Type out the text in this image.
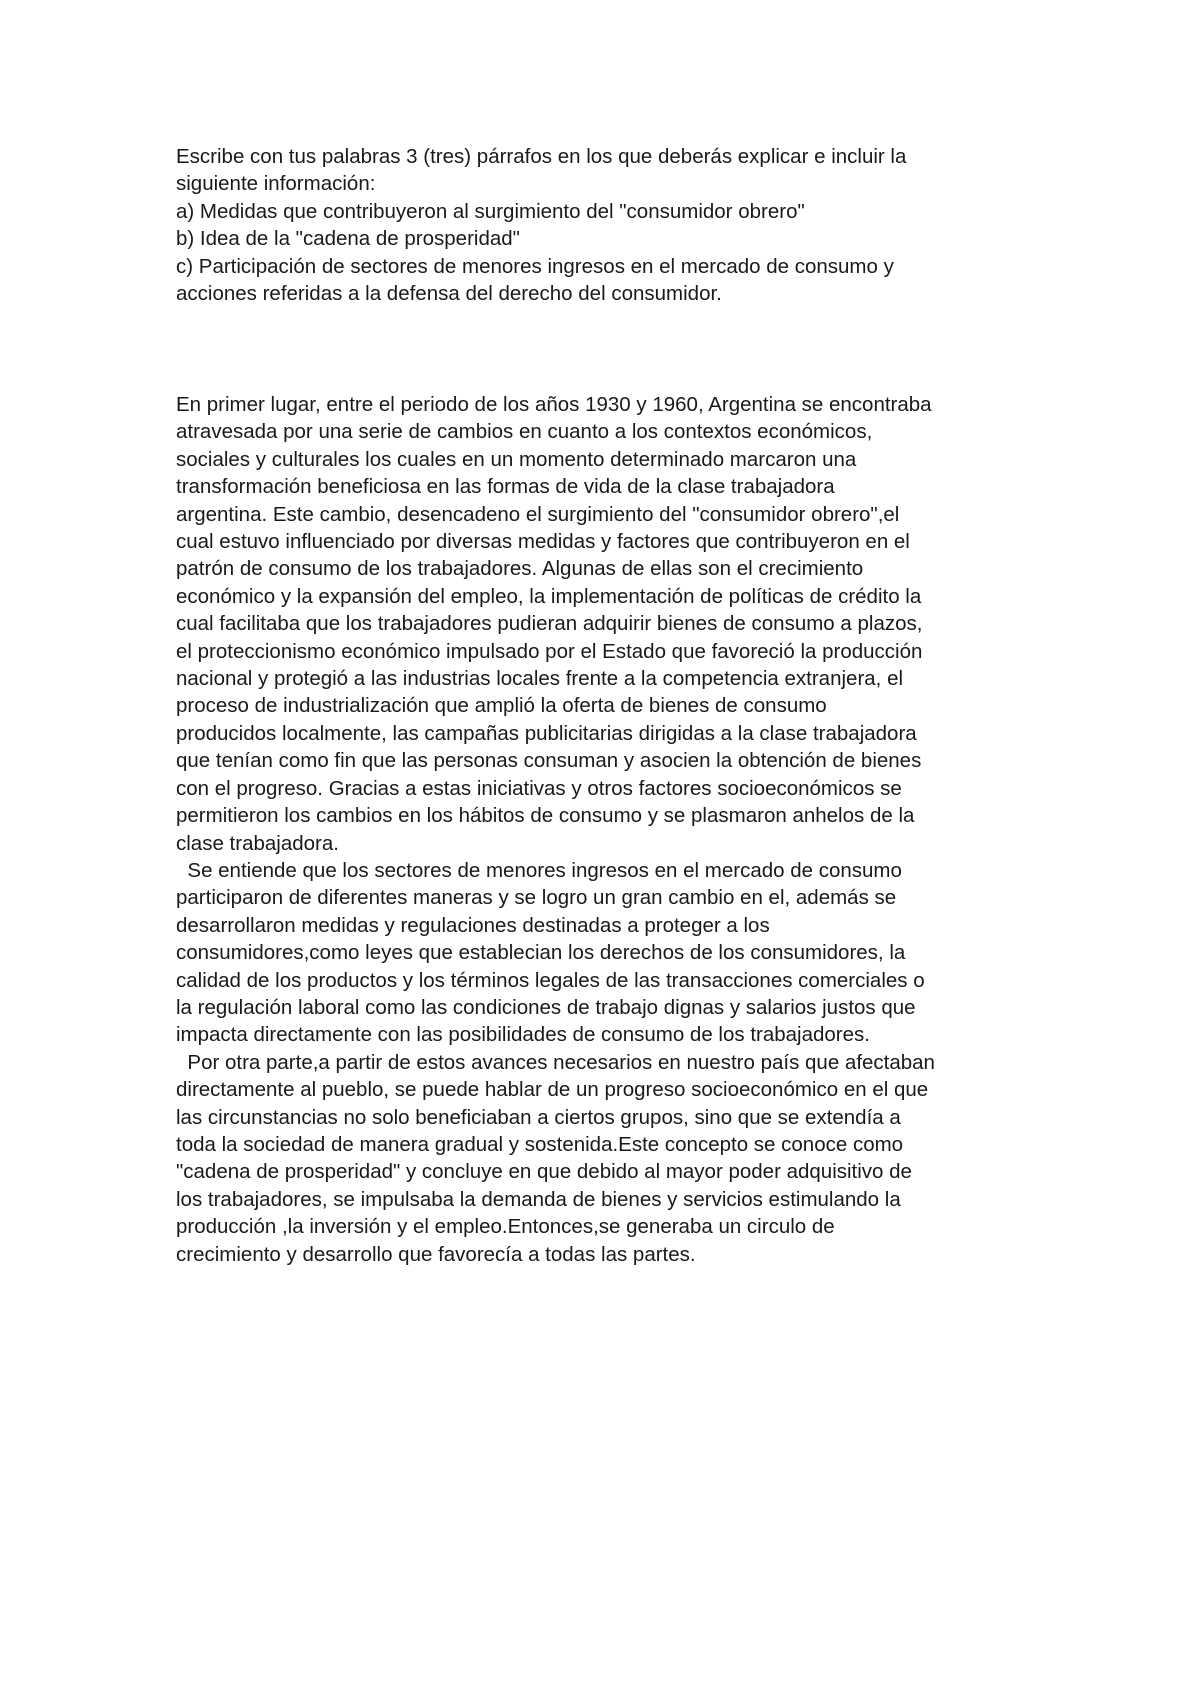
Escribe con tus palabras 3 (tres) párrafos en los que deberás explicar e incluir la
siguiente información:
a) Medidas que contribuyeron al surgimiento del "consumidor obrero"
b) Idea de la "cadena de prosperidad"
c) Participación de sectores de menores ingresos en el mercado de consumo y
acciones referidas a la defensa del derecho del consumidor.
En primer lugar, entre el periodo de los años 1930 y 1960, Argentina se encontraba
atravesada por una serie de cambios en cuanto a los contextos económicos,
sociales y culturales los cuales en un momento determinado marcaron una
transformación beneficiosa en las formas de vida de la clase trabajadora
argentina. Este cambio, desencadeno el surgimiento del "consumidor obrero",el
cual estuvo influenciado por diversas medidas y factores que contribuyeron en el
patrón de consumo de los trabajadores. Algunas de ellas son el crecimiento
económico y la expansión del empleo, la implementación de políticas de crédito la
cual facilitaba que los trabajadores pudieran adquirir bienes de consumo a plazos,
el proteccionismo económico impulsado por el Estado que favoreció la producción
nacional y protegió a las industrias locales frente a la competencia extranjera, el
proceso de industrialización que amplió la oferta de bienes de consumo
producidos localmente, las campañas publicitarias dirigidas a la clase trabajadora
que tenían como fin que las personas consuman y asocien la obtención de bienes
con el progreso. Gracias a estas iniciativas y otros factores socioeconómicos se
permitieron los cambios en los hábitos de consumo y se plasmaron anhelos de la
clase trabajadora.
Se entiende que los sectores de menores ingresos en el mercado de consumo
participaron de diferentes maneras y se logro un gran cambio en el, además se
desarrollaron medidas y regulaciones destinadas a proteger a los
consumidores,como leyes que establecian los derechos de los consumidores, la
calidad de los productos y los términos legales de las transacciones comerciales o
la regulación laboral como las condiciones de trabajo dignas y salarios justos que
impacta directamente con las posibilidades de consumo de los trabajadores.
Por otra parte,a partir de estos avances necesarios en nuestro país que afectaban
directamente al pueblo, se puede hablar de un progreso socioeconómico en el que
las circunstancias no solo beneficiaban a ciertos grupos, sino que se extendía a
toda la sociedad de manera gradual y sostenida.Este concepto se conoce como
"cadena de prosperidad" y concluye en que debido al mayor poder adquisitivo de
los trabajadores, se impulsaba la demanda de bienes y servicios estimulando la
producción ,la inversión y el empleo.Entonces,se generaba un circulo de
crecimiento y desarrollo que favorecía a todas las partes.
